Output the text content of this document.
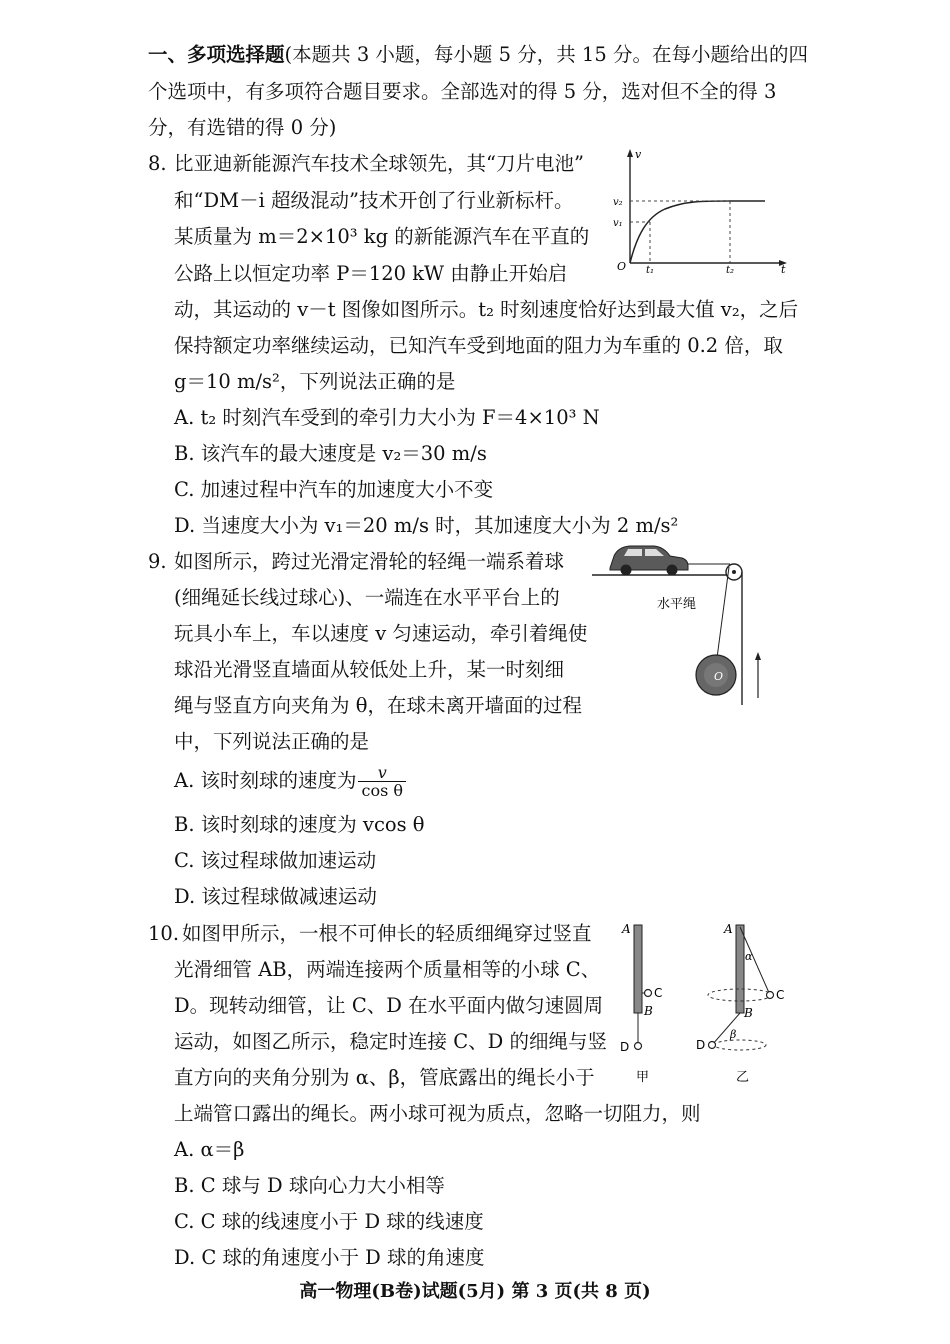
一、多项选择题(本题共 3 小题，每小题 5 分，共 15 分。在每小题给出的四
个选项中，有多项符合题目要求。全部选对的得 5 分，选对但不全的得 3
分，有选错的得 0 分)
8. 比亚迪新能源汽车技术全球领先，其“刀片电池”
和“DM－i 超级混动”技术开创了行业新标杆。
某质量为 m＝2×10³ kg 的新能源汽车在平直的
公路上以恒定功率 P＝120 kW 由静止开始启
动，其运动的 v－t 图像如图所示。t₂ 时刻速度恰好达到最大值 v₂，之后
保持额定功率继续运动，已知汽车受到地面的阻力为车重的 0.2 倍，取
g＝10 m/s²，下列说法正确的是
A. t₂ 时刻汽车受到的牵引力大小为 F＝4×10³ N
B. 该汽车的最大速度是 v₂＝30 m/s
C. 加速过程中汽车的加速度大小不变
D. 当速度大小为 v₁＝20 m/s 时，其加速度大小为 2 m/s²
v
v₂
v₁
O t₁	t₂	t
9. 如图所示，跨过光滑定滑轮的轻绳一端系着球
(细绳延长线过球心)、一端连在水平平台上的
玩具小车上，车以速度 v 匀速运动，牵引着绳使
球沿光滑竖直墙面从较低处上升，某一时刻细
绳与竖直方向夹角为 θ，在球未离开墙面的过程
中，下列说法正确的是
A. 该时刻球的速度为 $\frac{v}{\text{cos θ}}$
B. 该时刻球的速度为 vcos θ
C. 该过程球做加速运动
D. 该过程球做减速运动
O
水平绳
10. 如图甲所示，一根不可伸长的轻质细绳穿过竖直
光滑细管 AB，两端连接两个质量相等的小球 C、
D。现转动细管，让 C、D 在水平面内做匀速圆周
运动，如图乙所示，稳定时连接 C、D 的细绳与竖
直方向的夹角分别为 α、β，管底露出的绳长小于
上端管口露出的绳长。两小球可视为质点，忽略一切阻力，则
A. α＝β
B. C 球与 D 球向心力大小相等
C. C 球的线速度小于 D 球的线速度
D. C 球的角速度小于 D 球的角速度
A
B
C
D
甲
A
B
C
D
α
β
乙
高一物理(B卷)试题(5月) 第 3 页(共 8 页)
